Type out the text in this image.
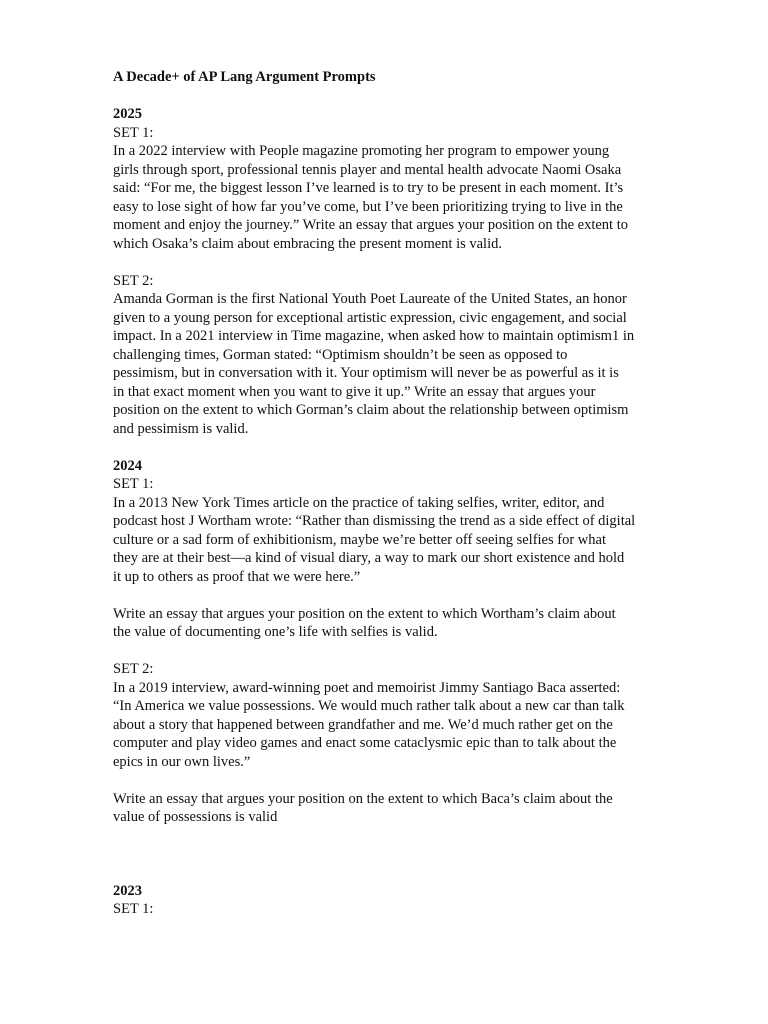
A Decade+ of AP Lang Argument Prompts

2025

SET 1:

In a 2022 interview with People magazine promoting her program to empower young
girls through sport, professional tennis player and mental health advocate Naomi Osaka
said: “For me, the biggest lesson I’ve learned is to try to be present in each moment. It’s
easy to lose sight of how far you’ve come, but I’ve been prioritizing trying to live in the
moment and enjoy the journey.” Write an essay that argues your position on the extent to
which Osaka’s claim about embracing the present moment is valid.

SET 2:

Amanda Gorman is the first National Youth Poet Laureate of the United States, an honor
given to a young person for exceptional artistic expression, civic engagement, and social
impact. In a 2021 interview in Time magazine, when asked how to maintain optimism1 in
challenging times, Gorman stated: “Optimism shouldn’t be seen as opposed to
pessimism, but in conversation with it. Your optimism will never be as powerful as it is
in that exact moment when you want to give it up.” Write an essay that argues your
position on the extent to which Gorman’s claim about the relationship between optimism
and pessimism is valid.

2024

SET 1:

In a 2013 New York Times article on the practice of taking selfies, writer, editor, and
podcast host J Wortham wrote: “Rather than dismissing the trend as a side effect of digital
culture or a sad form of exhibitionism, maybe we’re better off seeing selfies for what
they are at their best—a kind of visual diary, a way to mark our short existence and hold
it up to others as proof that we were here.”

Write an essay that argues your position on the extent to which Wortham’s claim about
the value of documenting one’s life with selfies is valid.

SET 2:

In a 2019 interview, award-winning poet and memoirist Jimmy Santiago Baca asserted:
“In America we value possessions. We would much rather talk about a new car than talk
about a story that happened between grandfather and me. We’d much rather get on the
computer and play video games and enact some cataclysmic epic than to talk about the
epics in our own lives.”

Write an essay that argues your position on the extent to which Baca’s claim about the
value of possessions is valid

2023

SET 1:
